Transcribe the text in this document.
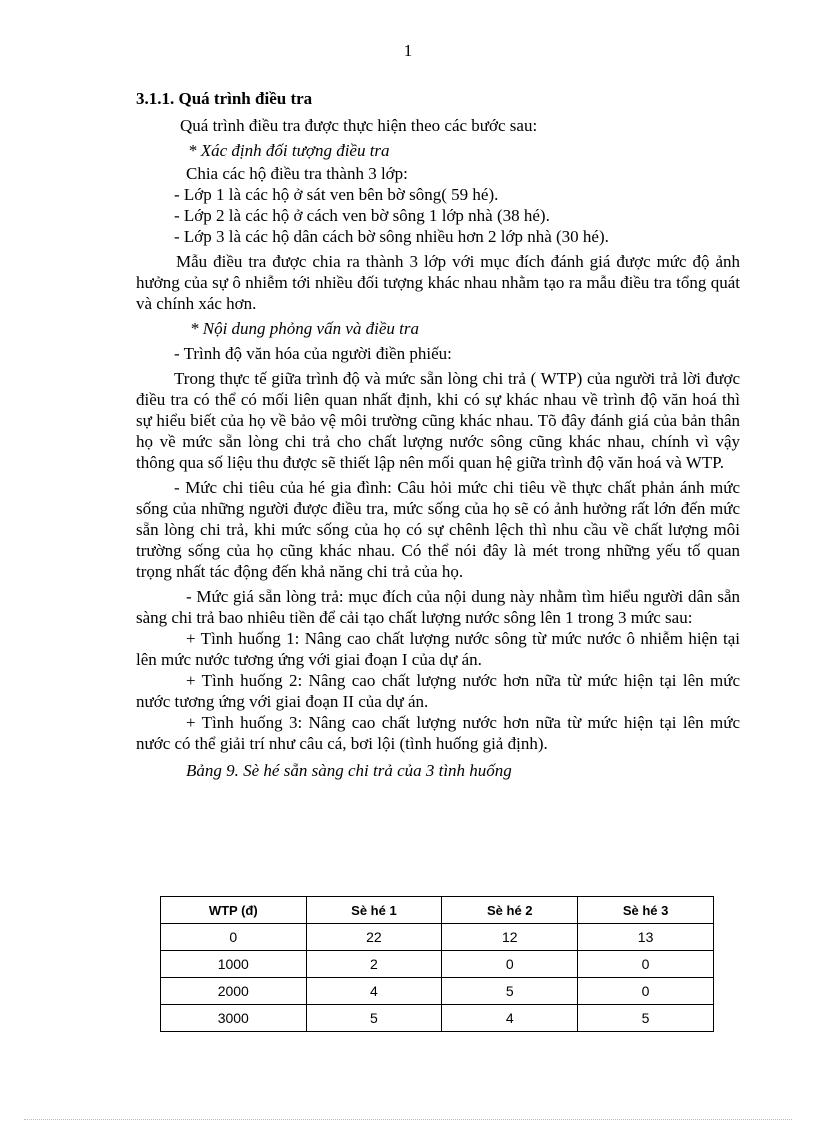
1

3.1.1. Quá trình điều tra

Quá trình điều tra được thực hiện theo các bước sau:

* Xác định đối tượng điều tra

Chia các hộ điều tra thành 3 lớp:

- Lớp 1 là các hộ ở sát ven bên bờ sông( 59 hé).

- Lớp 2 là các hộ ở cách ven bờ sông 1 lớp nhà (38 hé).

- Lớp 3 là các hộ dân cách bờ sông nhiều hơn 2 lớp nhà (30 hé).

Mẫu điều tra được chia ra thành 3 lớp với mục đích đánh giá được mức độ ảnh hưởng của sự ô nhiễm tới nhiều đối tượng khác nhau nhằm tạo ra mẫu điều tra tổng quát và chính xác hơn.

* Nội dung phỏng vấn và điều tra

- Trình độ văn hóa của người điền phiếu:

Trong thực tế giữa trình độ và mức sẵn lòng chi trả ( WTP) của người trả lời được điều tra có thể có mối liên quan nhất định, khi có sự khác nhau về trình độ văn hoá thì sự hiểu biết của họ về bảo vệ môi trường cũng khác nhau. Tõ đây đánh giá của bản thân họ về mức sẵn lòng chi trả cho chất lượng nước sông cũng khác nhau, chính vì vậy thông qua số liệu thu được sẽ thiết lập nên mối quan hệ giữa trình độ văn hoá và WTP.

- Mức chi tiêu của hé gia đình: Câu hỏi mức chi tiêu về thực chất phản ánh mức sống của những người được điều tra, mức sống của họ sẽ có ảnh hưởng rất lớn đến mức sẵn lòng chi trả, khi mức sống của họ có sự chênh lệch thì nhu cầu về chất lượng môi trường sống của họ cũng khác nhau. Có thể nói đây là mét trong những yếu tố quan trọng nhất tác động đến khả năng chi trả của họ.

- Mức giá sẵn lòng trả: mục đích của nội dung này nhằm tìm hiểu người dân sẵn sàng chi trả bao nhiêu tiền để cải tạo chất lượng nước sông lên 1 trong 3 mức sau:

+ Tình huống 1: Nâng cao chất lượng nước sông từ mức nước ô nhiễm hiện tại lên mức nước tương ứng với giai đoạn I của dự án.

+ Tình huống 2: Nâng cao chất lượng nước hơn nữa từ mức hiện tại lên mức nước tương ứng với giai đoạn II của dự án.

+ Tình huống 3: Nâng cao chất lượng nước hơn nữa từ mức hiện tại lên mức nước có thể giải trí như câu cá, bơi lội (tình huống giả định).

Bảng 9. Sè hé sẵn sàng chi trả của 3 tình huống

WTP (đ)	Sè hé 1	Sè hé 2	Sè hé 3
0	22	12	13
1000	2	0	0
2000	4	5	0
3000	5	4	5
